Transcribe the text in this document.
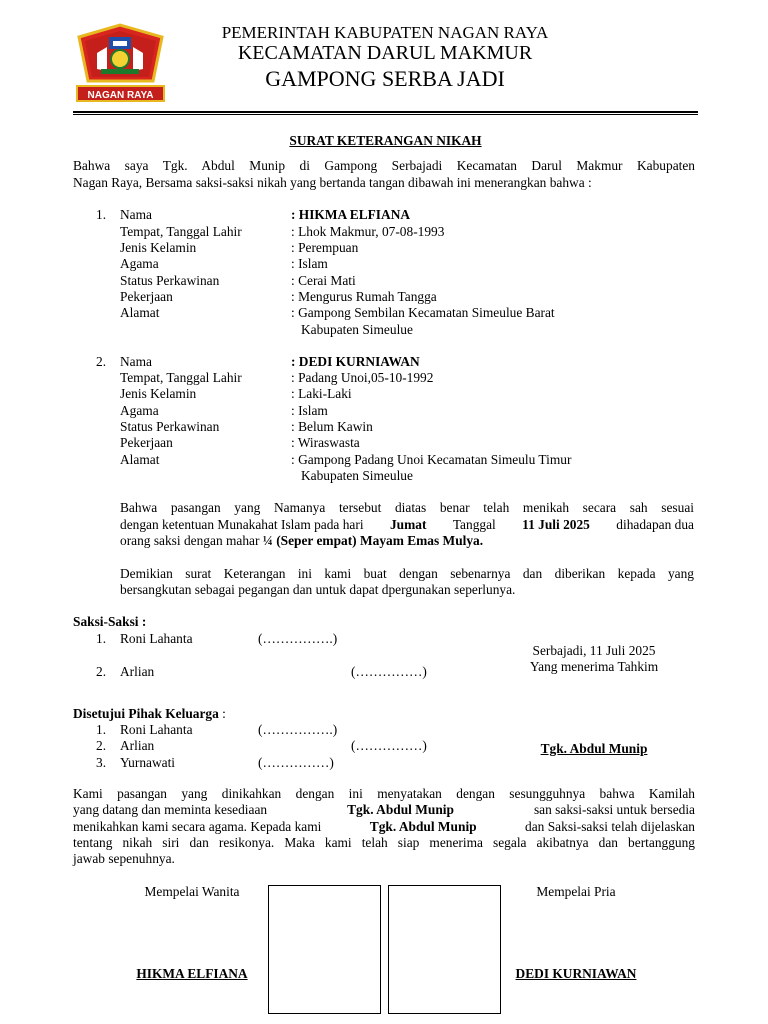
NAGAN RAYA
PEMERINTAH KABUPATEN NAGAN RAYA
KECAMATAN DARUL MAKMUR
GAMPONG SERBA JADI
SURAT KETERANGAN NIKAH
Bahwa saya Tgk. Abdul Munip di Gampong Serbajadi Kecamatan Darul Makmur Kabupaten
Nagan Raya, Bersama saksi-saksi nikah yang bertanda tangan dibawah ini menerangkan bahwa :
1. Nama	: HIKMA ELFIANA
Tempat, Tanggal Lahir	: Lhok Makmur, 07-08-1993
Jenis Kelamin	: Perempuan
Agama	: Islam
Status Perkawinan	: Cerai Mati
Pekerjaan	: Mengurus Rumah Tangga
Alamat	: Gampong Sembilan Kecamatan Simeulue Barat
Kabupaten Simeulue
2. Nama	: DEDI KURNIAWAN
Tempat, Tanggal Lahir	: Padang Unoi,05-10-1992
Jenis Kelamin	: Laki-Laki
Agama	: Islam
Status Perkawinan	: Belum Kawin
Pekerjaan	: Wiraswasta
Alamat	: Gampong Padang Unoi Kecamatan Simeulu Timur
Kabupaten Simeulue
Bahwa pasangan yang Namanya tersebut diatas benar telah menikah secara sah sesuai
dengan ketentuan Munakahat Islam pada hari Jumat Tanggal 11 Juli 2025 dihadapan dua
orang saksi dengan mahar ¼ (Seper empat) Mayam Emas Mulya.
Demikian surat Keterangan ini kami buat dengan sebenarnya dan diberikan kepada yang
bersangkutan sebagai pegangan dan untuk dapat dpergunakan seperlunya.
Saksi-Saksi :
1. Roni Lahanta	(…………….)
2. Arlian	(……………)
Serbajadi, 11 Juli 2025
Yang menerima Tahkim
Disetujui Pihak Keluarga :
1. Roni Lahanta	(…………….)
2. Arlian	(……………)
3. Yurnawati	(……………)
Tgk. Abdul Munip
Kami pasangan yang dinikahkan dengan ini menyatakan dengan sesungguhnya bahwa Kamilah
yang datang dan meminta kesediaan	Tgk. Abdul Munip	san saksi-saksi untuk bersedia
menikahkan kami secara agama. Kepada kami	Tgk. Abdul Munip	dan Saksi-saksi telah dijelaskan
tentang nikah siri dan resikonya. Maka kami telah siap menerima segala akibatnya dan bertanggung
jawab sepenuhnya.
Mempelai Wanita	Mempelai Pria
HIKMA ELFIANA	DEDI KURNIAWAN
